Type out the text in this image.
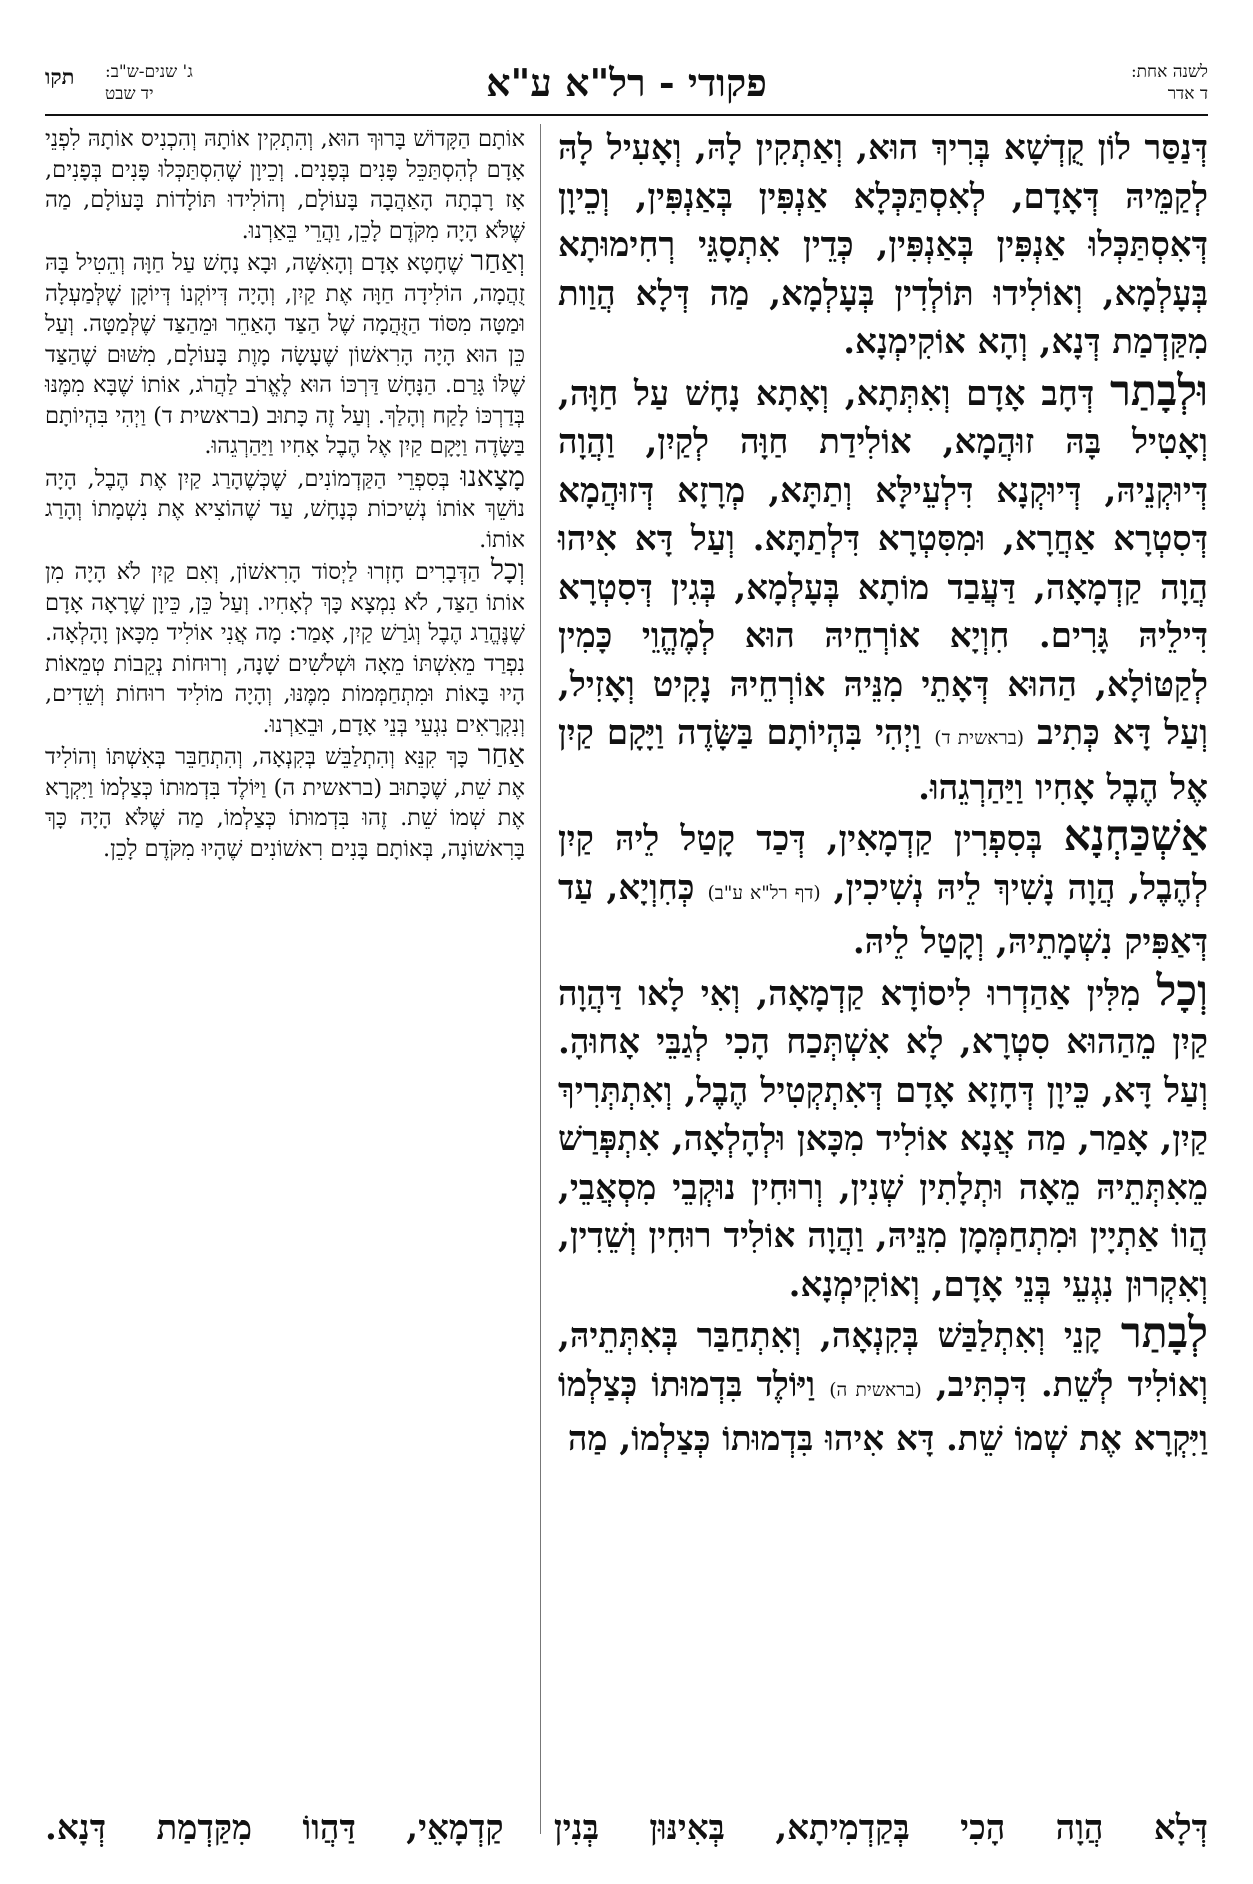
לשנה אחת:
ד אדר
פקודי - רל"א ע"א
ג' שנים-ש"ב:
יד שבט
תקו

דְּנַסַּר לוֹן קֻדְשָׁא בְּרִיךְ הוּא, וְאַתְקִין לָהּ, וְאָעִיל לָהּ לְקַמֵּיהּ דְּאָדָם, לְאִסְתַּכְּלָא אַנְפִּין בְּאַנְפִּין, וְכֵיוָן דְּאִסְתַּכְּלוּ אַנְפִּין בְּאַנְפִּין, כְּדֵין אִתְסָגֵּי רְחִימוּתָא בְּעָלְמָא, וְאוֹלִידוּ תּוֹלְדִין בְּעָלְמָא, מַה דְּלָא הֲוַות מִקַּדְמַת דְּנָא, וְהָא אוֹקִימְנָא.

וּלְבָתַר דְּחָב אָדָם וְאִתְּתָא, וְאָתָא נָחָשׁ עַל חַוָּה, וְאָטִיל בָּהּ זוּהֲמָא, אוֹלִידַת חַוָּה לְקַיִן, וַהֲוָה דְּיוּקְנֵיהּ, דְּיוּקְנָא דִּלְעֵילָּא וְתַתָּא, מְרָזָא דְּזוּהֲמָא דְּסִטְרָא אַחֲרָא, וּמִסִּטְרָא דִּלְתַתָּא. וְעַל דָּא אִיהוּ הֲוָה קַדְמָאָה, דַּעֲבַד מוֹתָא בְּעָלְמָא, בְּגִין דְּסִטְרָא דִּילֵיהּ גָּרִים. חִוְיָא אוֹרְחֵיהּ הוּא לְמֶהֱוֵי כָּמִין לְקַטּוֹלָא, הַהוּא דְּאָתֵי מִנֵּיהּ אוֹרְחֵיהּ נָקִיט וְאָזִיל, וְעַל דָּא כְּתִיב (בראשית ד) וַיְהִי בִּהְיוֹתָם בַּשָּׂדֶה וַיָּקָם קַיִן אֶל הֶבֶל אָחִיו וַיַּהַרְגֵהוּ.

אַשְׁכַּחְנָא בְּסִפְרִין קַדְמָאִין, דְּכַד קָטַל לֵיהּ קַיִן לְהֶבֶל, הֲוָה נָשִׁיךְ לֵיהּ נְשִׁיכִין, (דף רל"א ע"ב) כְּחִוְיָא, עַד דְּאַפִּיק נִשְׁמָתֵיהּ, וְקָטַל לֵיהּ.

וְכָל מִלִּין אַהַדְרוּ לִיסוֹדָא קַדְמָאָה, וְאִי לָאו דַּהֲוָה קַיִן מֵהַהוּא סִטְרָא, לָא אִשְׁתְּכַח הָכִי לְגַבֵּי אָחוּהָ. וְעַל דָּא, כֵּיוָן דְּחָזָא אָדָם דְּאִתְקְטִיל הֶבֶל, וְאִתְתְּרִיךְ קַיִן, אָמַר, מַה אֲנָא אוֹלִיד מִכָּאן וּלְהָלְאָה, אִתְפְּרַשׁ מֵאִתְּתֵיהּ מֵאָה וּתְלָתִין שְׁנִין, וְרוּחִין נוּקְבֵי מִסְאֲבֵי, הֲווֹ אַתְיָין וּמִתְחַמְּמָן מִנֵּיהּ, וַהֲוָה אוֹלִיד רוּחִין וְשֵׁדִין, וְאִקְרוּן נִגְעֵי בְּנֵי אָדָם, וְאוֹקִימְנָא.

לְבָתַר קָנֵי וְאִתְלַבַּשׁ בְּקִנְאָה, וְאִתְחַבַּר בְּאִתְּתֵיהּ, וְאוֹלִיד לְשֵׁת. דִּכְתִּיב, (בראשית ה) וַיּוֹלֶד בִּדְמוּתוֹ כְּצַלְמוֹ וַיִּקְרָא אֶת שְׁמוֹ שֵׁת. דָּא אִיהוּ בִּדְמוּתוֹ כְּצַלְמוֹ, מַה

אוֹתָם הַקָּדוֹשׁ בָּרוּךְ הוּא, וְהִתְקִין אוֹתָהּ וְהִכְנִיס אוֹתָהּ לִפְנֵי אָדָם לְהִסְתַּכֵּל פָּנִים בְּפָנִים. וְכֵיוָן שֶׁהִסְתַּכְּלוּ פָּנִים בְּפָנִים, אָז רָבְתָה הָאַהֲבָה בָּעוֹלָם, וְהוֹלִידוּ תּוֹלָדוֹת בָּעוֹלָם, מַה שֶּׁלֹּא הָיָה מִקֹּדֶם לָכֵן, וַהֲרֵי בֵּאַרְנוּ.

וְאַחַר שֶׁחָטָא אָדָם וְהָאִשָּׁה, וּבָא נָחָשׁ עַל חַוָּה וְהֵטִיל בָּהּ זֻהֲמָה, הוֹלִידָה חַוָּה אֶת קַיִן, וְהָיָה דְּיוֹקְנוֹ דְּיוֹקָן שֶׁלְּמַעְלָה וּמַטָּה מִסּוֹד הַזֻּהֲמָה שֶׁל הַצַּד הָאַחֵר וּמֵהַצַּד שֶׁלְּמַטָּה. וְעַל כֵּן הוּא הָיָה הָרִאשׁוֹן שֶׁעָשָׂה מָוֶת בָּעוֹלָם, מִשּׁוּם שֶׁהַצַּד שֶׁלּוֹ גָּרַם. הַנָּחָשׁ דַּרְכּוֹ הוּא לֶאֱרֹב לַהֲרֹג, אוֹתוֹ שֶׁבָּא מִמֶּנּוּ בְּדַרְכּוֹ לָקַח וְהָלַךְ. וְעַל זֶה כָּתוּב (בראשית ד) וַיְהִי בִּהְיוֹתָם בַּשָּׂדֶה וַיָּקָם קַיִן אֶל הֶבֶל אָחִיו וַיַּהַרְגֵהוּ.

מָצָאנוּ בְּסִפְרֵי הַקַּדְמוֹנִים, שֶׁכְּשֶׁהָרַג קַיִן אֶת הֶבֶל, הָיָה נוֹשֵׁךְ אוֹתוֹ נְשִׁיכוֹת כְּנָחָשׁ, עַד שֶׁהוֹצִיא אֶת נִשְׁמָתוֹ וְהָרַג אוֹתוֹ.

וְכָל הַדְּבָרִים חָזְרוּ לַיְסוֹד הָרִאשׁוֹן, וְאִם קַיִן לֹא הָיָה מִן אוֹתוֹ הַצַּד, לֹא נִמְצָא כָּךְ לְאָחִיו. וְעַל כֵּן, כֵּיוָן שֶׁרָאָה אָדָם שֶׁנֶּהֱרַג הֶבֶל וְגֹרַשׁ קַיִן, אָמַר: מָה אֲנִי אוֹלִיד מִכָּאן וָהָלְאָה. נִפְרַד מֵאִשְׁתּוֹ מֵאָה וּשְׁלֹשִׁים שָׁנָה, וְרוּחוֹת נְקֵבוֹת טְמֵאוֹת הָיוּ בָּאוֹת וּמִתְחַמְּמוֹת מִמֶּנּוּ, וְהָיָה מוֹלִיד רוּחוֹת וְשֵׁדִים, וְנִקְרָאִים נִגְעֵי בְּנֵי אָדָם, וּבֵאַרְנוּ.

אַחַר כָּךְ קִנֵּא וְהִתְלַבֵּשׁ בְּקִנְאָה, וְהִתְחַבֵּר בְּאִשְׁתּוֹ וְהוֹלִיד אֶת שֵׁת, שֶׁכָּתוּב (בראשית ה) וַיּוֹלֶד בִּדְמוּתוֹ כְּצַלְמוֹ וַיִּקְרָא אֶת שְׁמוֹ שֵׁת. זֶהוּ בִּדְמוּתוֹ כְּצַלְמוֹ, מַה שֶּׁלֹּא הָיָה כָּךְ בָּרִאשׁוֹנָה, בְּאוֹתָם בָּנִים רִאשׁוֹנִים שֶׁהָיוּ מִקֹּדֶם לָכֵן.

דְּלָא הֲוָה הָכִי בְּקַדְמִיתָא, בְּאִינּוּן בְּנִין קַדְמָאֵי, דַּהֲווֹ מִקַּדְמַת דְּנָא.
